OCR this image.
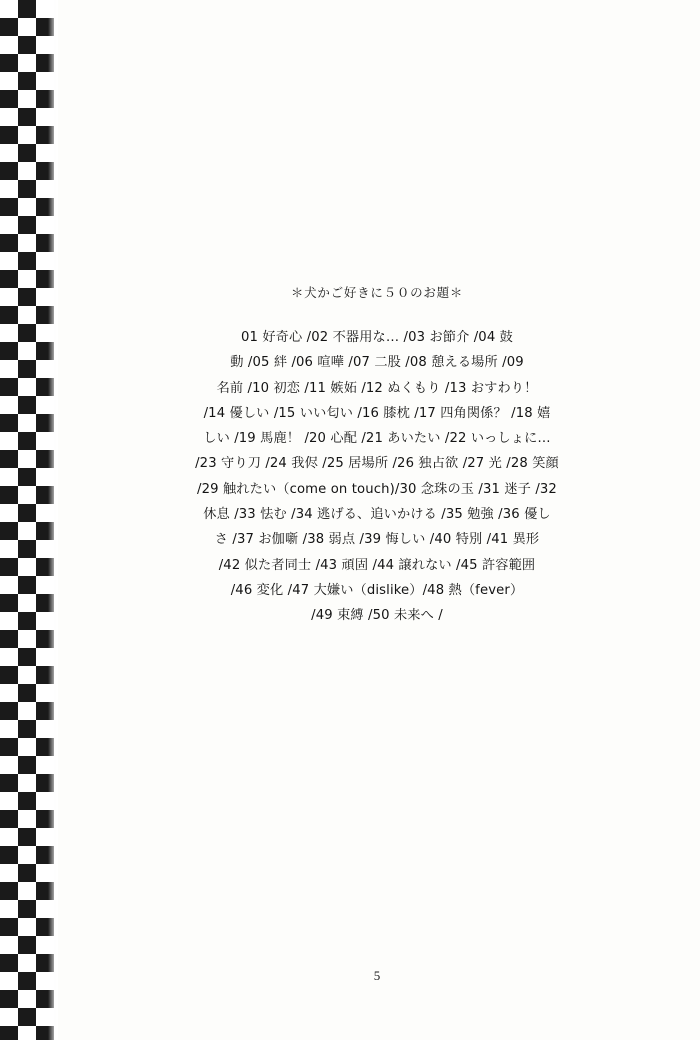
＊犬かご好きに５０のお題＊
01 好奇心 /02 不器用な… /03 お節介 /04 鼓
動 /05 絆 /06 喧嘩 /07 二股 /08 憩える場所 /09
名前 /10 初恋 /11 嫉妬 /12 ぬくもり /13 おすわり！
/14 優しい /15 いい匂い /16 膝枕 /17 四角関係？ /18 嬉
しい /19 馬鹿！ /20 心配 /21 あいたい /22 いっしょに…
/23 守り刀 /24 我侭 /25 居場所 /26 独占欲 /27 光 /28 笑顔
/29 触れたい（come on touch)/30 念珠の玉 /31 迷子 /32
休息 /33 怯む /34 逃げる、追いかける /35 勉強 /36 優し
さ /37 お伽噺 /38 弱点 /39 悔しい /40 特別 /41 異形
/42 似た者同士 /43 頑固 /44 譲れない /45 許容範囲
/46 変化 /47 大嫌い（dislike）/48 熱（fever）
/49 束縛 /50 未来へ /
5
